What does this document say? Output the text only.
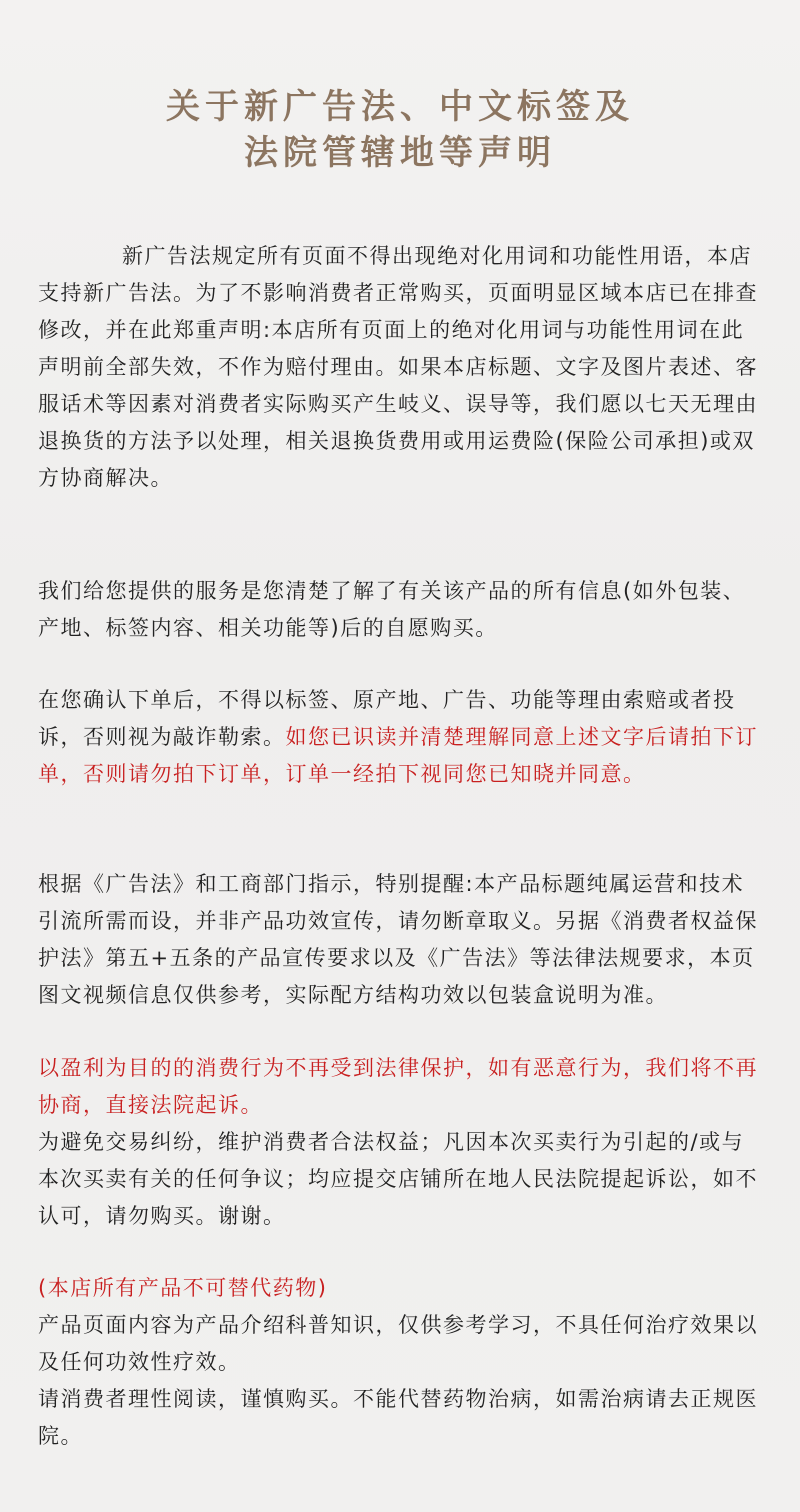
关于新广告法、中文标签及
法院管辖地等声明
新广告法规定所有页面不得出现绝对化用词和功能性用语，本店支持新广告法。为了不影响消费者正常购买，页面明显区域本店已在排查修改，并在此郑重声明:本店所有页面上的绝对化用词与功能性用词在此声明前全部失效，不作为赔付理由。如果本店标题、文字及图片表述、客服话术等因素对消费者实际购买产生岐义、误导等，我们愿以七天无理由退换货的方法予以处理，相关退换货费用或用运费险(保险公司承担)或双方协商解决。
我们给您提供的服务是您清楚了解了有关该产品的所有信息(如外包装、产地、标签内容、相关功能等)后的自愿购买。
在您确认下单后，不得以标签、原产地、广告、功能等理由索赔或者投诉，否则视为敲诈勒索。如您已识读并清楚理解同意上述文字后请拍下订单，否则请勿拍下订单，订单一经拍下视同您已知晓并同意。
根据《广告法》和工商部门指示，特别提醒:本产品标题纯属运营和技术引流所需而设，并非产品功效宣传，请勿断章取义。另据《消费者权益保护法》第五+五条的产品宣传要求以及《广告法》等法律法规要求，本页图文视频信息仅供参考，实际配方结构功效以包装盒说明为准。
以盈利为目的的消费行为不再受到法律保护，如有恶意行为，我们将不再协商，直接法院起诉。
为避免交易纠纷，维护消费者合法权益；凡因本次买卖行为引起的/或与本次买卖有关的任何争议；均应提交店铺所在地人民法院提起诉讼，如不认可，请勿购买。谢谢。
(本店所有产品不可替代药物)
产品页面内容为产品介绍科普知识，仅供参考学习，不具任何治疗效果以及任何功效性疗效。
请消费者理性阅读，谨慎购买。不能代替药物治病，如需治病请去正规医院。
